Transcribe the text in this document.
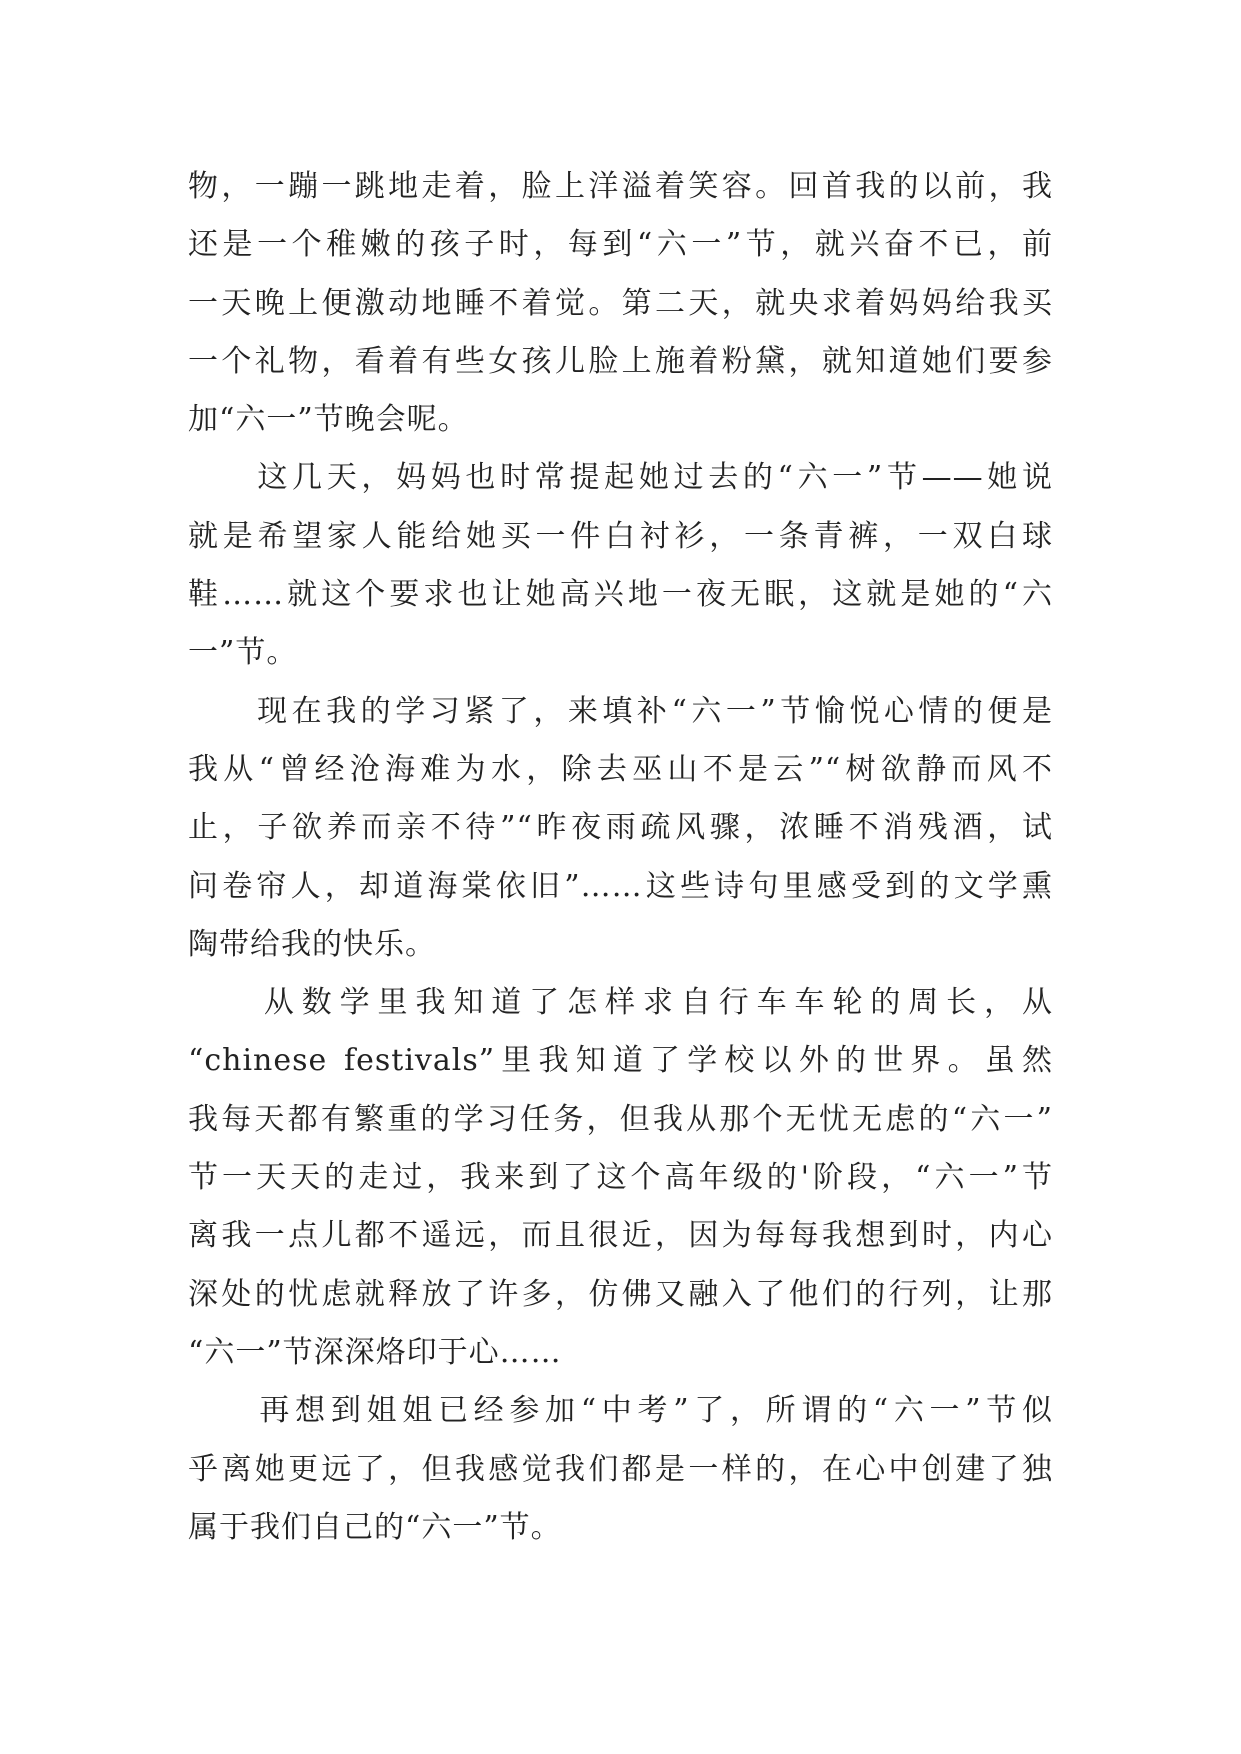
物，一蹦一跳地走着，脸上洋溢着笑容。回首我的以前，我
还是一个稚嫩的孩子时，每到“六一”节，就兴奋不已，前
一天晚上便激动地睡不着觉。第二天，就央求着妈妈给我买
一个礼物，看着有些女孩儿脸上施着粉黛，就知道她们要参
加“六一”节晚会呢。

　　这几天，妈妈也时常提起她过去的“六一”节——她说
就是希望家人能给她买一件白衬衫，一条青裤，一双白球
鞋……就这个要求也让她高兴地一夜无眠，这就是她的“六
一”节。

　　现在我的学习紧了，来填补“六一”节愉悦心情的便是
我从“曾经沧海难为水，除去巫山不是云”“树欲静而风不
止，子欲养而亲不待”“昨夜雨疏风骤，浓睡不消残酒，试
问卷帘人，却道海棠依旧”……这些诗句里感受到的文学熏
陶带给我的快乐。

　　从数学里我知道了怎样求自行车车轮的周长，从
“chinese festivals”里我知道了学校以外的世界。虽然
我每天都有繁重的学习任务，但我从那个无忧无虑的“六一”
节一天天的走过，我来到了这个高年级的'阶段，“六一”节
离我一点儿都不遥远，而且很近，因为每每我想到时，内心
深处的忧虑就释放了许多，仿佛又融入了他们的行列，让那
“六一”节深深烙印于心……

　　再想到姐姐已经参加“中考”了，所谓的“六一”节似
乎离她更远了，但我感觉我们都是一样的，在心中创建了独
属于我们自己的“六一”节。
